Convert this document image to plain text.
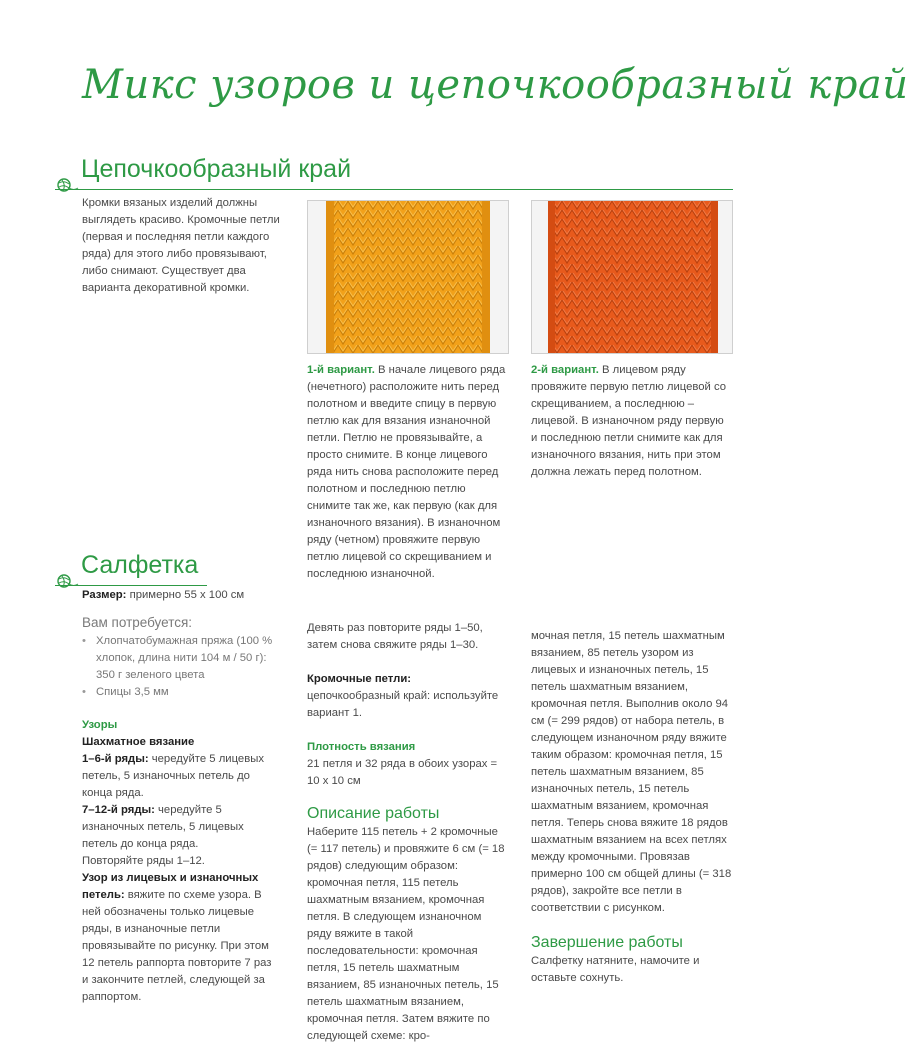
Микс узоров и цепочкообразный край
Цепочкообразный край

Кромки вязаных изделий должны выглядеть красиво. Кромочные петли (первая и последняя петли каждого ряда) для этого либо провязывают, либо снимают. Существует два варианта декоративной кромки.

1-й вариант. В начале лицевого ряда (нечетного) расположите нить перед полотном и введите спицу в первую петлю как для вязания изнаночной петли. Петлю не провязывайте, а просто снимите. В конце лицевого ряда нить снова расположите перед полотном и последнюю петлю снимите так же, как первую (как для изнаночного вязания). В изнаночном ряду (четном) провяжите первую петлю лицевой со скрещиванием и последнюю изнаночной.

2-й вариант. В лицевом ряду провяжите первую петлю лицевой со скрещиванием, а последнюю – лицевой. В изнаночном ряду первую и последнюю петли снимите как для изнаночного вязания, нить при этом должна лежать перед полотном.

Салфетка

Размер: примерно 55 х 100 см

Вам потребуется:

• Хлопчатобумажная пряжа (100 % хлопок, длина нити 104 м / 50 г): 350 г зеленого цвета
• Спицы 3,5 мм

Узоры

Шахматное вязание

1–6-й ряды: чередуйте 5 лицевых петель, 5 изнаночных петель до конца ряда.

7–12-й ряды: чередуйте 5 изнаночных петель, 5 лицевых петель до конца ряда.

Повторяйте ряды 1–12.

Узор из лицевых и изнаночных петель: вяжите по схеме узора. В ней обозначены только лицевые ряды, в изнаночные петли провязывайте по рисунку. При этом 12 петель раппорта повторите 7 раз и закончите петлей, следующей за раппортом.

Девять раз повторите ряды 1–50, затем снова свяжите ряды 1–30.

Кромочные петли: цепочкообразный край: используйте вариант 1.

Плотность вязания

21 петля и 32 ряда в обоих узорах = 10 х 10 см

Описание работы

Наберите 115 петель + 2 кромочные (= 117 петель) и провяжите 6 см (= 18 рядов) следующим образом: кромочная петля, 115 петель шахматным вязанием, кромочная петля. В следующем изнаночном ряду вяжите в такой последовательности: кромочная петля, 15 петель шахматным вязанием, 85 изнаночных петель, 15 петель шахматным вязанием, кромочная петля. Затем вяжите по следующей схеме: кро-

мочная петля, 15 петель шахматным вязанием, 85 петель узором из лицевых и изнаночных петель, 15 петель шахматным вязанием, кромочная петля. Выполнив около 94 см (= 299 рядов) от набора петель, в следующем изнаночном ряду вяжите таким образом: кромочная петля, 15 петель шахматным вязанием, 85 изнаночных петель, 15 петель шахматным вязанием, кромочная петля. Теперь снова вяжите 18 рядов шахматным вязанием на всех петлях между кромочными. Провязав примерно 100 см общей длины (= 318 рядов), закройте все петли в соответствии с рисунком.

Завершение работы

Салфетку натяните, намочите и оставьте сохнуть.
